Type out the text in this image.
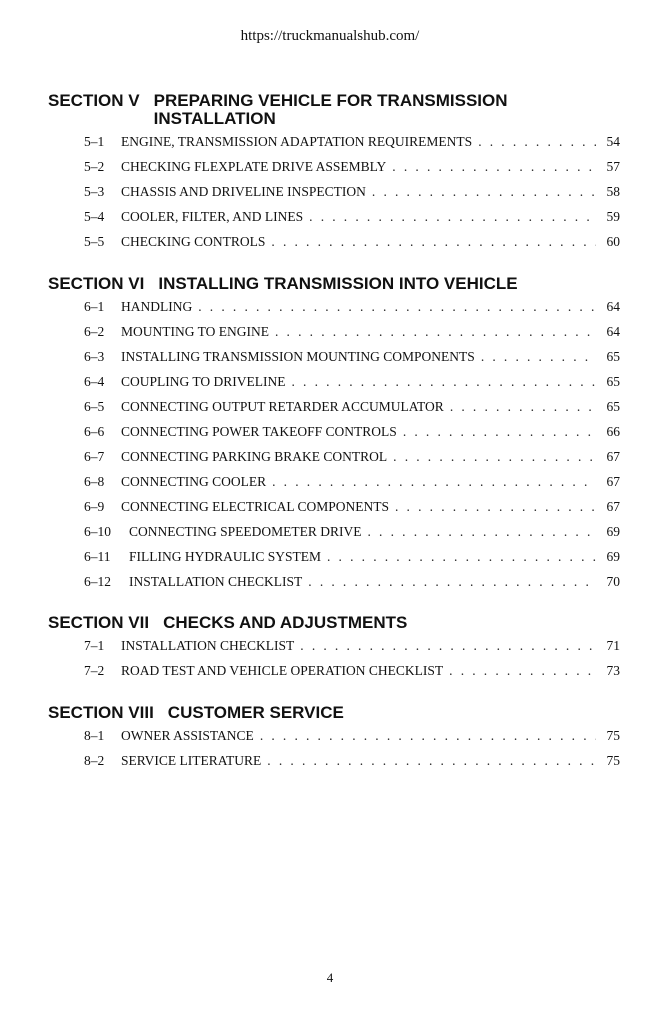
https://truckmanualshub.com/
SECTION V PREPARING VEHICLE FOR TRANSMISSION INSTALLATION
5–1	ENGINE, TRANSMISSION ADAPTATION REQUIREMENTS . . .	54
5–2	CHECKING FLEXPLATE DRIVE ASSEMBLY . . .	57
5–3	CHASSIS AND DRIVELINE INSPECTION . . .	58
5–4	COOLER, FILTER, AND LINES . . .	59
5–5	CHECKING CONTROLS . . .	60
SECTION VI INSTALLING TRANSMISSION INTO VEHICLE
6–1	HANDLING . . .	64
6–2	MOUNTING TO ENGINE . . .	64
6–3	INSTALLING TRANSMISSION MOUNTING COMPONENTS . . .	65
6–4	COUPLING TO DRIVELINE . . .	65
6–5	CONNECTING OUTPUT RETARDER ACCUMULATOR . . .	65
6–6	CONNECTING POWER TAKEOFF CONTROLS . . .	66
6–7	CONNECTING PARKING BRAKE CONTROL . . .	67
6–8	CONNECTING COOLER . . .	67
6–9	CONNECTING ELECTRICAL COMPONENTS . . .	67
6–10	CONNECTING SPEEDOMETER DRIVE . . .	69
6–11	FILLING HYDRAULIC SYSTEM . . .	69
6–12	INSTALLATION CHECKLIST . . .	70
SECTION VII CHECKS AND ADJUSTMENTS
7–1	INSTALLATION CHECKLIST . . .	71
7–2	ROAD TEST AND VEHICLE OPERATION CHECKLIST . . .	73
SECTION VIII CUSTOMER SERVICE
8–1	OWNER ASSISTANCE . . .	75
8–2	SERVICE LITERATURE . . .	75
4
